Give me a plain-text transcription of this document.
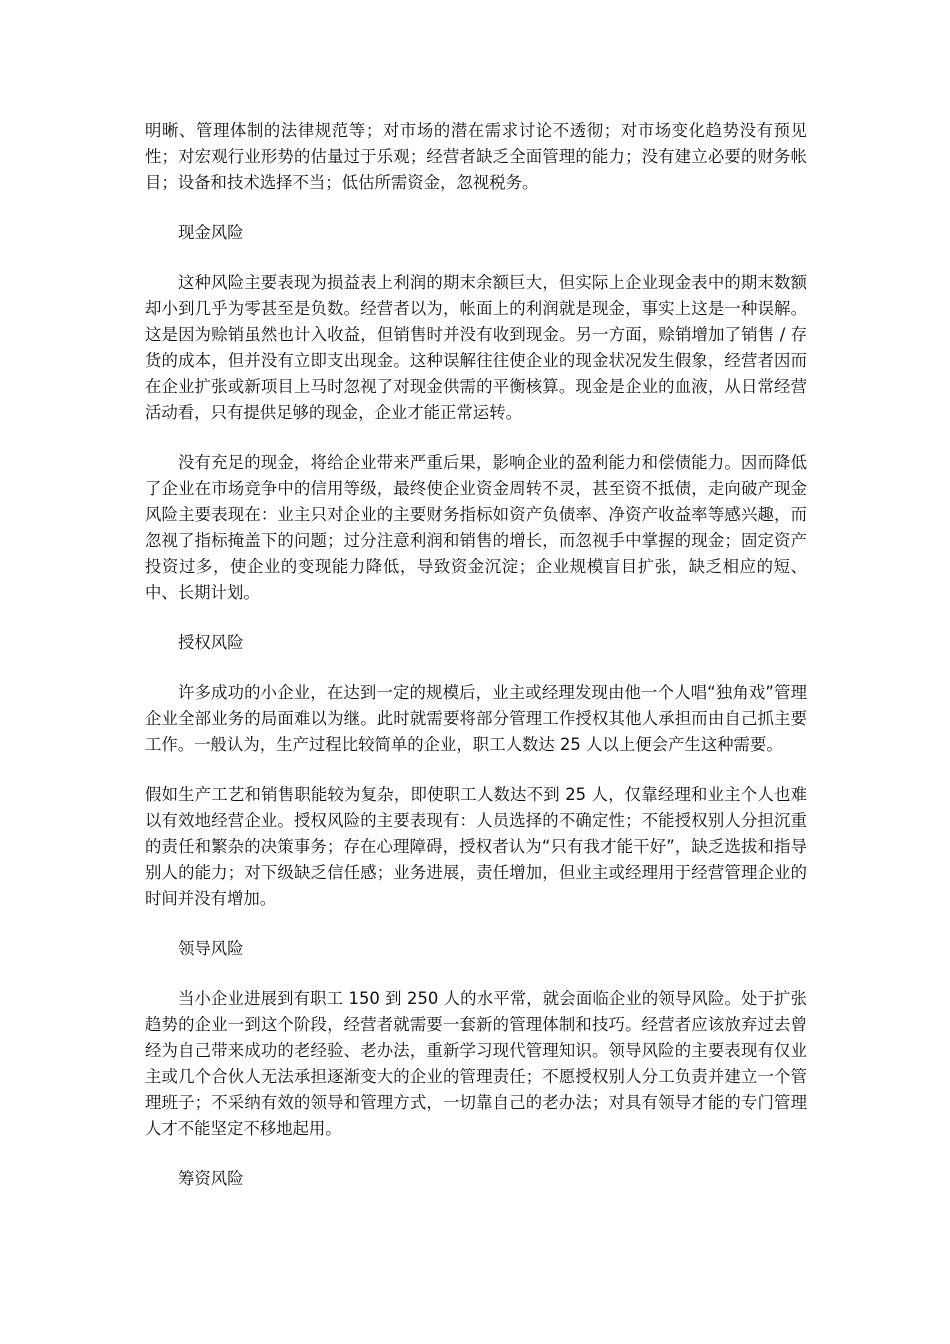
明晰、管理体制的法律规范等；对市场的潜在需求讨论不透彻；对市场变化趋势没有预见性；对宏观行业形势的估量过于乐观；经营者缺乏全面管理的能力；没有建立必要的财务帐目；设备和技术选择不当；低估所需资金，忽视税务。

现金风险

这种风险主要表现为损益表上利润的期末余额巨大，但实际上企业现金表中的期末数额却小到几乎为零甚至是负数。经营者以为，帐面上的利润就是现金，事实上这是一种误解。这是因为赊销虽然也计入收益，但销售时并没有收到现金。另一方面，赊销增加了销售 / 存货的成本，但并没有立即支出现金。这种误解往往使企业的现金状况发生假象，经营者因而在企业扩张或新项目上马时忽视了对现金供需的平衡核算。现金是企业的血液，从日常经营活动看，只有提供足够的现金，企业才能正常运转。

没有充足的现金，将给企业带来严重后果，影响企业的盈利能力和偿债能力。因而降低了企业在市场竞争中的信用等级，最终使企业资金周转不灵，甚至资不抵债，走向破产现金风险主要表现在：业主只对企业的主要财务指标如资产负债率、净资产收益率等感兴趣，而忽视了指标掩盖下的问题；过分注意利润和销售的增长，而忽视手中掌握的现金；固定资产投资过多，使企业的变现能力降低，导致资金沉淀；企业规模盲目扩张，缺乏相应的短、中、长期计划。

授权风险

许多成功的小企业，在达到一定的规模后，业主或经理发现由他一个人唱“独角戏”管理企业全部业务的局面难以为继。此时就需要将部分管理工作授权其他人承担而由自己抓主要工作。一般认为，生产过程比较简单的企业，职工人数达 25 人以上便会产生这种需要。

假如生产工艺和销售职能较为复杂，即使职工人数达不到 25 人，仅靠经理和业主个人也难以有效地经营企业。授权风险的主要表现有：人员选择的不确定性；不能授权别人分担沉重的责任和繁杂的决策事务；存在心理障碍，授权者认为“只有我才能干好”，缺乏选拔和指导别人的能力；对下级缺乏信任感；业务进展，责任增加，但业主或经理用于经营管理企业的时间并没有增加。

领导风险

当小企业进展到有职工 150 到 250 人的水平常，就会面临企业的领导风险。处于扩张趋势的企业一到这个阶段，经营者就需要一套新的管理体制和技巧。经营者应该放弃过去曾经为自己带来成功的老经验、老办法，重新学习现代管理知识。领导风险的主要表现有仅业主或几个合伙人无法承担逐渐变大的企业的管理责任；不愿授权别人分工负责并建立一个管理班子；不采纳有效的领导和管理方式，一切靠自己的老办法；对具有领导才能的专门管理人才不能坚定不移地起用。

筹资风险
